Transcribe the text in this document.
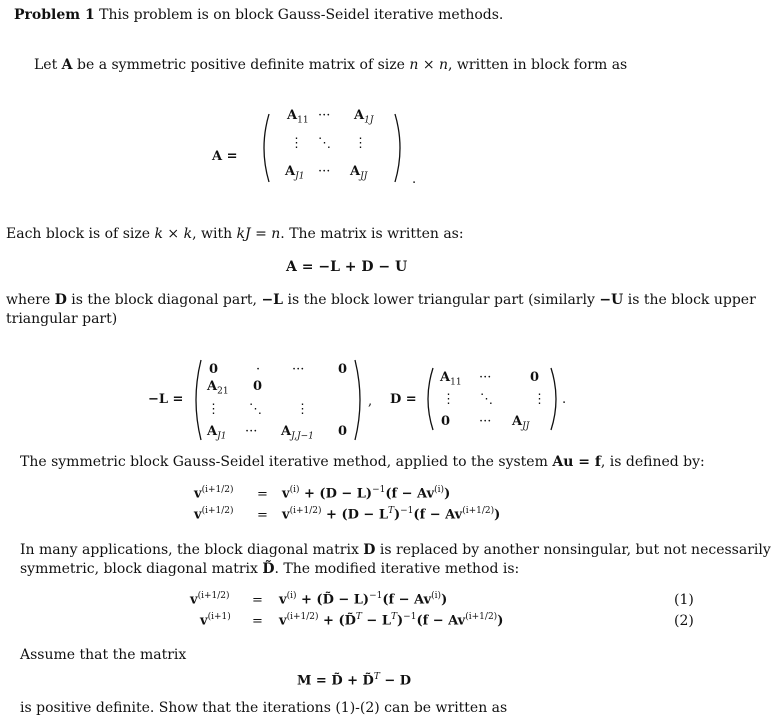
Problem 1 This problem is on block Gauss-Seidel iterative methods.
Let A be a symmetric positive definite matrix of size n × n, written in block form as
A =
$A_{11}$ ··· $A_{1J}$
⋮ ⋱ ⋮
$A_{J1}$ ··· $A_{JJ}$	.
Each block is of size k × k, with kJ = n. The matrix is written as:
A = −L + D − U
where D is the block diagonal part, −L is the block lower triangular part (similarly −U is the block upper
triangular part)
−L =
0	· ···	0
$A_{21}$ 0
⋮ ⋱	⋮
$A_{J1}$ ··· $A_{J,J-1}$ 0
, D =
$A_{11}$ ···	0
⋮ ⋱	⋮
0 ··· $A_{JJ}$
.
The symmetric block Gauss-Seidel iterative method, applied to the system Au = f, is defined by:
$v^{(i+1/2)} = v^{(i)} + (D - L)^{-1}(f - Av^{(i)})$
$v^{(i+1/2)} = v^{(i+1/2)} + (D - L^T)^{-1}(f - Av^{(i+1/2)})$
In many applications, the block diagonal matrix D is replaced by another nonsingular, but not necessarily
symmetric, block diagonal matrix D̃. The modified iterative method is:
$v^{(i+1/2)} = v^{(i)}$ + (D̃ − $L)^{-1}(f - Av^{(i)})$	(1)
$v^{(i+1)} = v^{(i+1/2)}$ + (D̃$^T$ − $L^T)^{-1}(f - Av^{(i+1/2)})$	(2)
Assume that the matrix
M = D̃ + D̃$^T$ − D
is positive definite. Show that the iterations (1)-(2) can be written as
